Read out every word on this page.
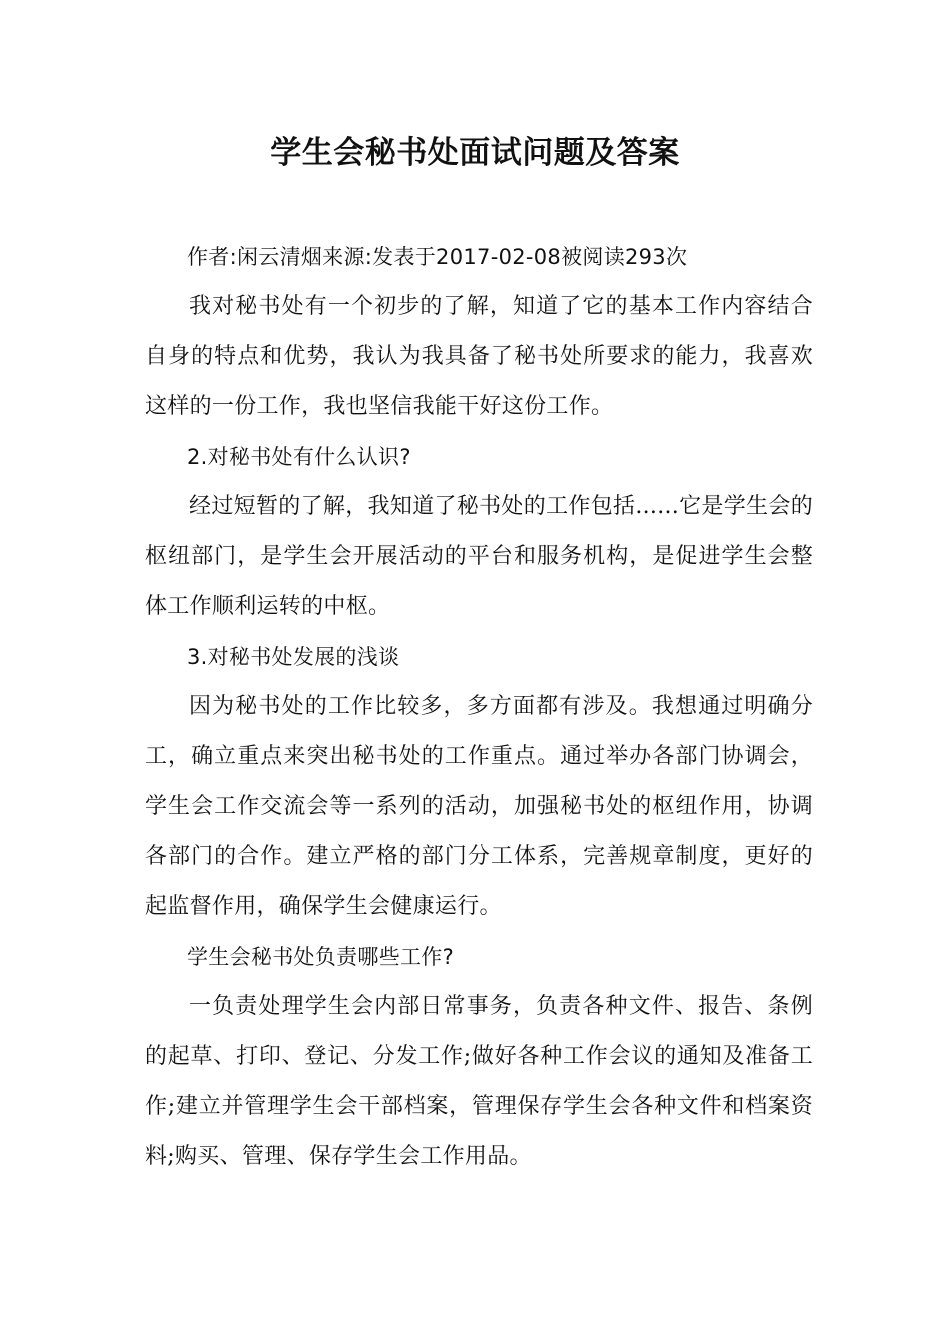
学生会秘书处面试问题及答案

作者:闲云清烟来源:发表于2017-02-08被阅读293次

我对秘书处有一个初步的了解，知道了它的基本工作内容结合自身的特点和优势，我认为我具备了秘书处所要求的能力，我喜欢这样的一份工作，我也坚信我能干好这份工作。

2.对秘书处有什么认识?

经过短暂的了解，我知道了秘书处的工作包括......它是学生会的枢纽部门，是学生会开展活动的平台和服务机构，是促进学生会整体工作顺利运转的中枢。

3.对秘书处发展的浅谈

因为秘书处的工作比较多，多方面都有涉及。我想通过明确分工，确立重点来突出秘书处的工作重点。通过举办各部门协调会，学生会工作交流会等一系列的活动，加强秘书处的枢纽作用，协调各部门的合作。建立严格的部门分工体系，完善规章制度，更好的起监督作用，确保学生会健康运行。

学生会秘书处负责哪些工作?

一负责处理学生会内部日常事务，负责各种文件、报告、条例的起草、打印、登记、分发工作;做好各种工作会议的通知及准备工作;建立并管理学生会干部档案，管理保存学生会各种文件和档案资料;购买、管理、保存学生会工作用品。
